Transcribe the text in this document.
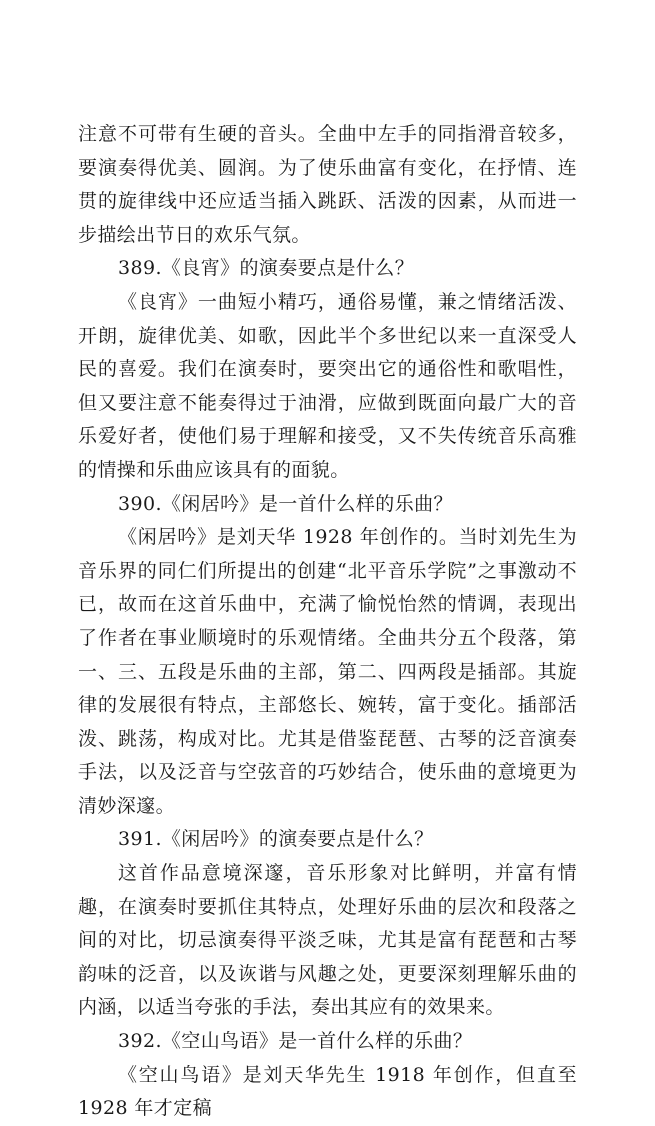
注意不可带有生硬的音头。全曲中左手的同指滑音较多，要演奏得优美、圆润。为了使乐曲富有变化，在抒情、连贯的旋律线中还应适当插入跳跃、活泼的因素，从而进一步描绘出节日的欢乐气氛。

389.《良宵》的演奏要点是什么？

《良宵》一曲短小精巧，通俗易懂，兼之情绪活泼、开朗，旋律优美、如歌，因此半个多世纪以来一直深受人民的喜爱。我们在演奏时，要突出它的通俗性和歌唱性，但又要注意不能奏得过于油滑，应做到既面向最广大的音乐爱好者，使他们易于理解和接受，又不失传统音乐高雅的情操和乐曲应该具有的面貌。

390.《闲居吟》是一首什么样的乐曲？

《闲居吟》是刘天华 1928 年创作的。当时刘先生为音乐界的同仁们所提出的创建“北平音乐学院”之事激动不已，故而在这首乐曲中，充满了愉悦怡然的情调，表现出了作者在事业顺境时的乐观情绪。全曲共分五个段落，第一、三、五段是乐曲的主部，第二、四两段是插部。其旋律的发展很有特点，主部悠长、婉转，富于变化。插部活泼、跳荡，构成对比。尤其是借鉴琵琶、古琴的泛音演奏手法，以及泛音与空弦音的巧妙结合，使乐曲的意境更为清妙深邃。

391.《闲居吟》的演奏要点是什么？

这首作品意境深邃，音乐形象对比鲜明，并富有情趣，在演奏时要抓住其特点，处理好乐曲的层次和段落之间的对比，切忌演奏得平淡乏味，尤其是富有琵琶和古琴韵味的泛音，以及诙谐与风趣之处，更要深刻理解乐曲的内涵，以适当夸张的手法，奏出其应有的效果来。

392.《空山鸟语》是一首什么样的乐曲？

《空山鸟语》是刘天华先生 1918 年创作，但直至 1928 年才定稿
